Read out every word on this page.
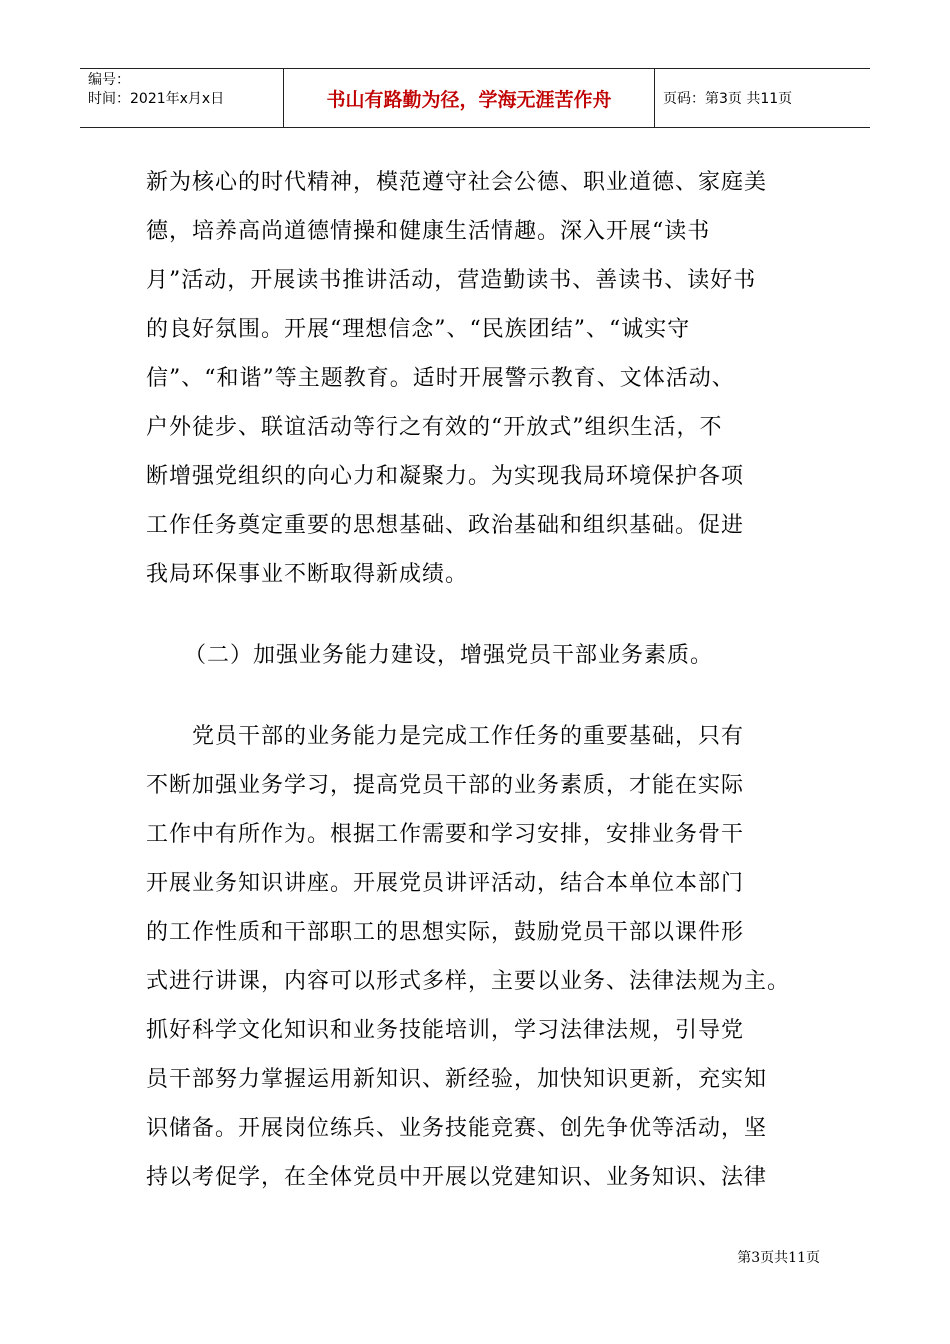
编号：
时间：2021年x月x日	书山有路勤为径，学海无涯苦作舟	页码：第3页 共11页
新为核心的时代精神，模范遵守社会公德、职业道德、家庭美
德，培养高尚道德情操和健康生活情趣。深入开展“读书
月”活动，开展读书推讲活动，营造勤读书、善读书、读好书
的良好氛围。开展“理想信念”、“民族团结”、“诚实守
信”、“和谐”等主题教育。适时开展警示教育、文体活动、
户外徒步、联谊活动等行之有效的“开放式”组织生活，不
断增强党组织的向心力和凝聚力。为实现我局环境保护各项
工作任务奠定重要的思想基础、政治基础和组织基础。促进
我局环保事业不断取得新成绩。
（二）加强业务能力建设，增强党员干部业务素质。
　　党员干部的业务能力是完成工作任务的重要基础，只有
不断加强业务学习，提高党员干部的业务素质，才能在实际
工作中有所作为。根据工作需要和学习安排，安排业务骨干
开展业务知识讲座。开展党员讲评活动，结合本单位本部门
的工作性质和干部职工的思想实际，鼓励党员干部以课件形
式进行讲课，内容可以形式多样，主要以业务、法律法规为主。
抓好科学文化知识和业务技能培训，学习法律法规，引导党
员干部努力掌握运用新知识、新经验，加快知识更新，充实知
识储备。开展岗位练兵、业务技能竞赛、创先争优等活动，坚
持以考促学，在全体党员中开展以党建知识、业务知识、法律
第3页共11页
